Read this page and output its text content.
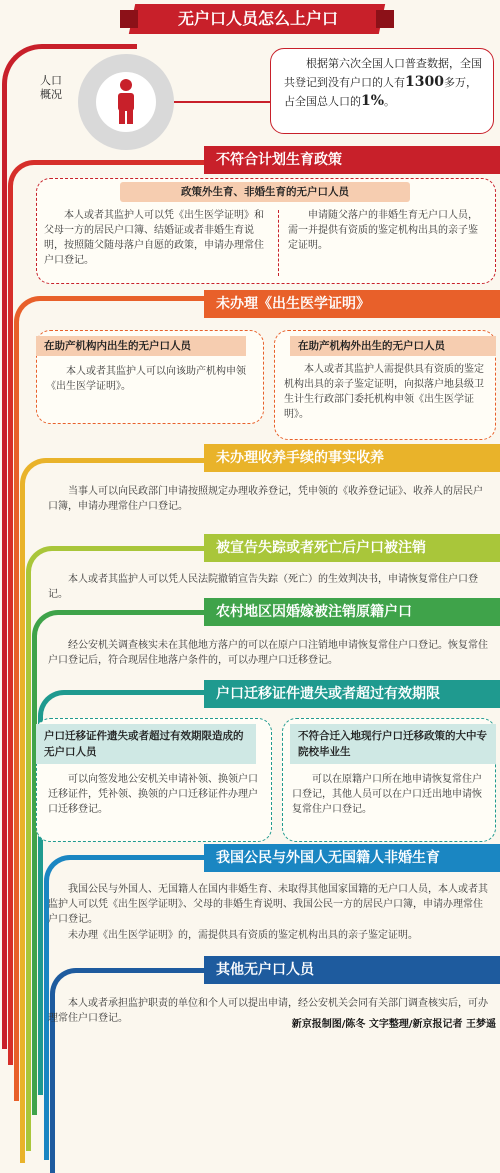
无户口人员怎么上户口
人口概况

根据第六次全国人口普查数据，全国共登记到没有户口的人有1300多万，占全国总人口的1%。

不符合计划生育政策
政策外生育、非婚生育的无户口人员

本人或者其监护人可以凭《出生医学证明》和父母一方的居民户口簿、结婚证或者非婚生育说明，按照随父随母落户自愿的政策，申请办理常住户口登记。

申请随父落户的非婚生育无户口人员，需一并提供有资质的鉴定机构出具的亲子鉴定证明。

未办理《出生医学证明》
在助产机构内出生的无户口人员

本人或者其监护人可以向该助产机构申领《出生医学证明》。

在助产机构外出生的无户口人员

本人或者其监护人需提供具有资质的鉴定机构出具的亲子鉴定证明，向拟落户地县级卫生计生行政部门委托机构申领《出生医学证明》。

未办理收养手续的事实收养

当事人可以向民政部门申请按照规定办理收养登记，凭申领的《收养登记证》、收养人的居民户口簿，申请办理常住户口登记。

被宣告失踪或者死亡后户口被注销

本人或者其监护人可以凭人民法院撤销宣告失踪（死亡）的生效判决书，申请恢复常住户口登记。

农村地区因婚嫁被注销原籍户口

经公安机关调查核实未在其他地方落户的可以在原户口注销地申请恢复常住户口登记。恢复常住户口登记后，符合现居住地落户条件的，可以办理户口迁移登记。

户口迁移证件遗失或者超过有效期限
户口迁移证件遗失或者超过有效期限造成的无户口人员

可以向签发地公安机关申请补领、换领户口迁移证件，凭补领、换领的户口迁移证件办理户口迁移登记。

不符合迁入地现行户口迁移政策的大中专院校毕业生

可以在原籍户口所在地申请恢复常住户口登记，其他人员可以在户口迁出地申请恢复常住户口登记。

我国公民与外国人无国籍人非婚生育

我国公民与外国人、无国籍人在国内非婚生育、未取得其他国家国籍的无户口人员，本人或者其监护人可以凭《出生医学证明》、父母的非婚生育说明、我国公民一方的居民户口簿，申请办理常住户口登记。

未办理《出生医学证明》的，需提供具有资质的鉴定机构出具的亲子鉴定证明。

其他无户口人员

本人或者承担监护职责的单位和个人可以提出申请，经公安机关会同有关部门调查核实后，可办理常住户口登记。

新京报制图/陈冬 文字整理/新京报记者 王梦遥
